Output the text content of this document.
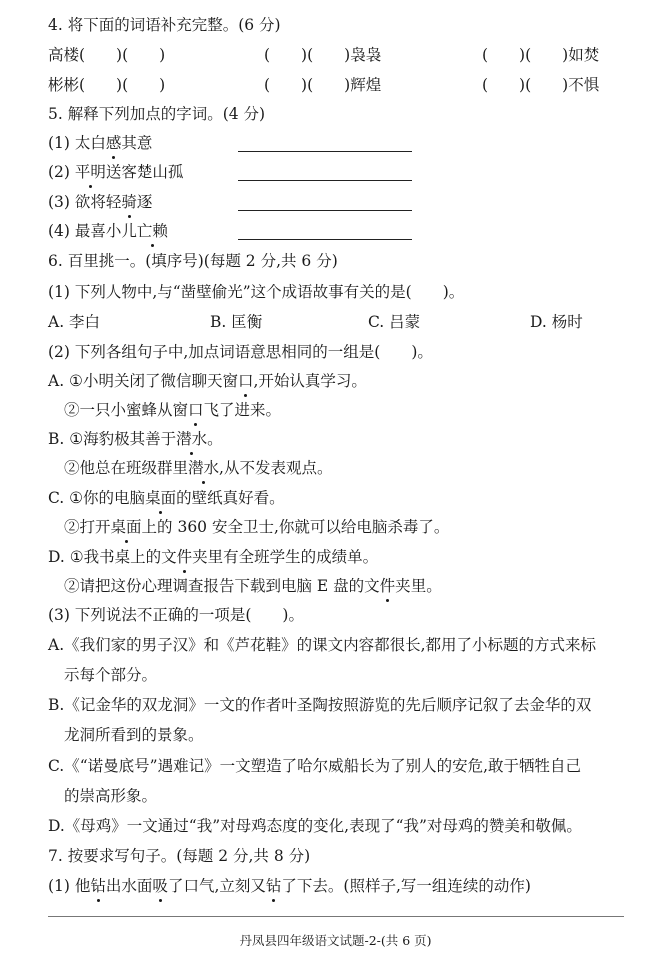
4. 将下面的词语补充完整。(6 分)
高楼(　　)(　　)	(　　)(　　)袅袅	(　　)(　　)如焚
彬彬(　　)(　　)	(　　)(　　)辉煌	(　　)(　　)不惧
5. 解释下列加点的字词。(4 分)
(1) 太白感其意
(2) 平明送客楚山孤
(3) 欲将轻骑逐
(4) 最喜小儿亡赖
6. 百里挑一。(填序号)(每题 2 分,共 6 分)
(1) 下列人物中,与“凿壁偷光”这个成语故事有关的是(　　)。
A. 李白	B. 匡衡	C. 吕蒙	D. 杨时
(2) 下列各组句子中,加点词语意思相同的一组是(　　)。
A. ①小明关闭了微信聊天窗口,开始认真学习。
②一只小蜜蜂从窗口飞了进来。
B. ①海豹极其善于潜水。
②他总在班级群里潜水,从不发表观点。
C. ①你的电脑桌面的壁纸真好看。
②打开桌面上的 360 安全卫士,你就可以给电脑杀毒了。
D. ①我书桌上的文件夹里有全班学生的成绩单。
②请把这份心理调查报告下载到电脑 E 盘的文件夹里。
(3) 下列说法不正确的一项是(　　)。
A.《我们家的男子汉》和《芦花鞋》的课文内容都很长,都用了小标题的方式来标
示每个部分。
B.《记金华的双龙洞》一文的作者叶圣陶按照游览的先后顺序记叙了去金华的双
龙洞所看到的景象。
C.《“诺曼底号”遇难记》一文塑造了哈尔威船长为了别人的安危,敢于牺牲自己
的崇高形象。
D.《母鸡》一文通过“我”对母鸡态度的变化,表现了“我”对母鸡的赞美和敬佩。
7. 按要求写句子。(每题 2 分,共 8 分)
(1) 他钻出水面吸了口气,立刻又钻了下去。(照样子,写一组连续的动作)
丹凤县四年级语文试题-2-(共 6 页)
